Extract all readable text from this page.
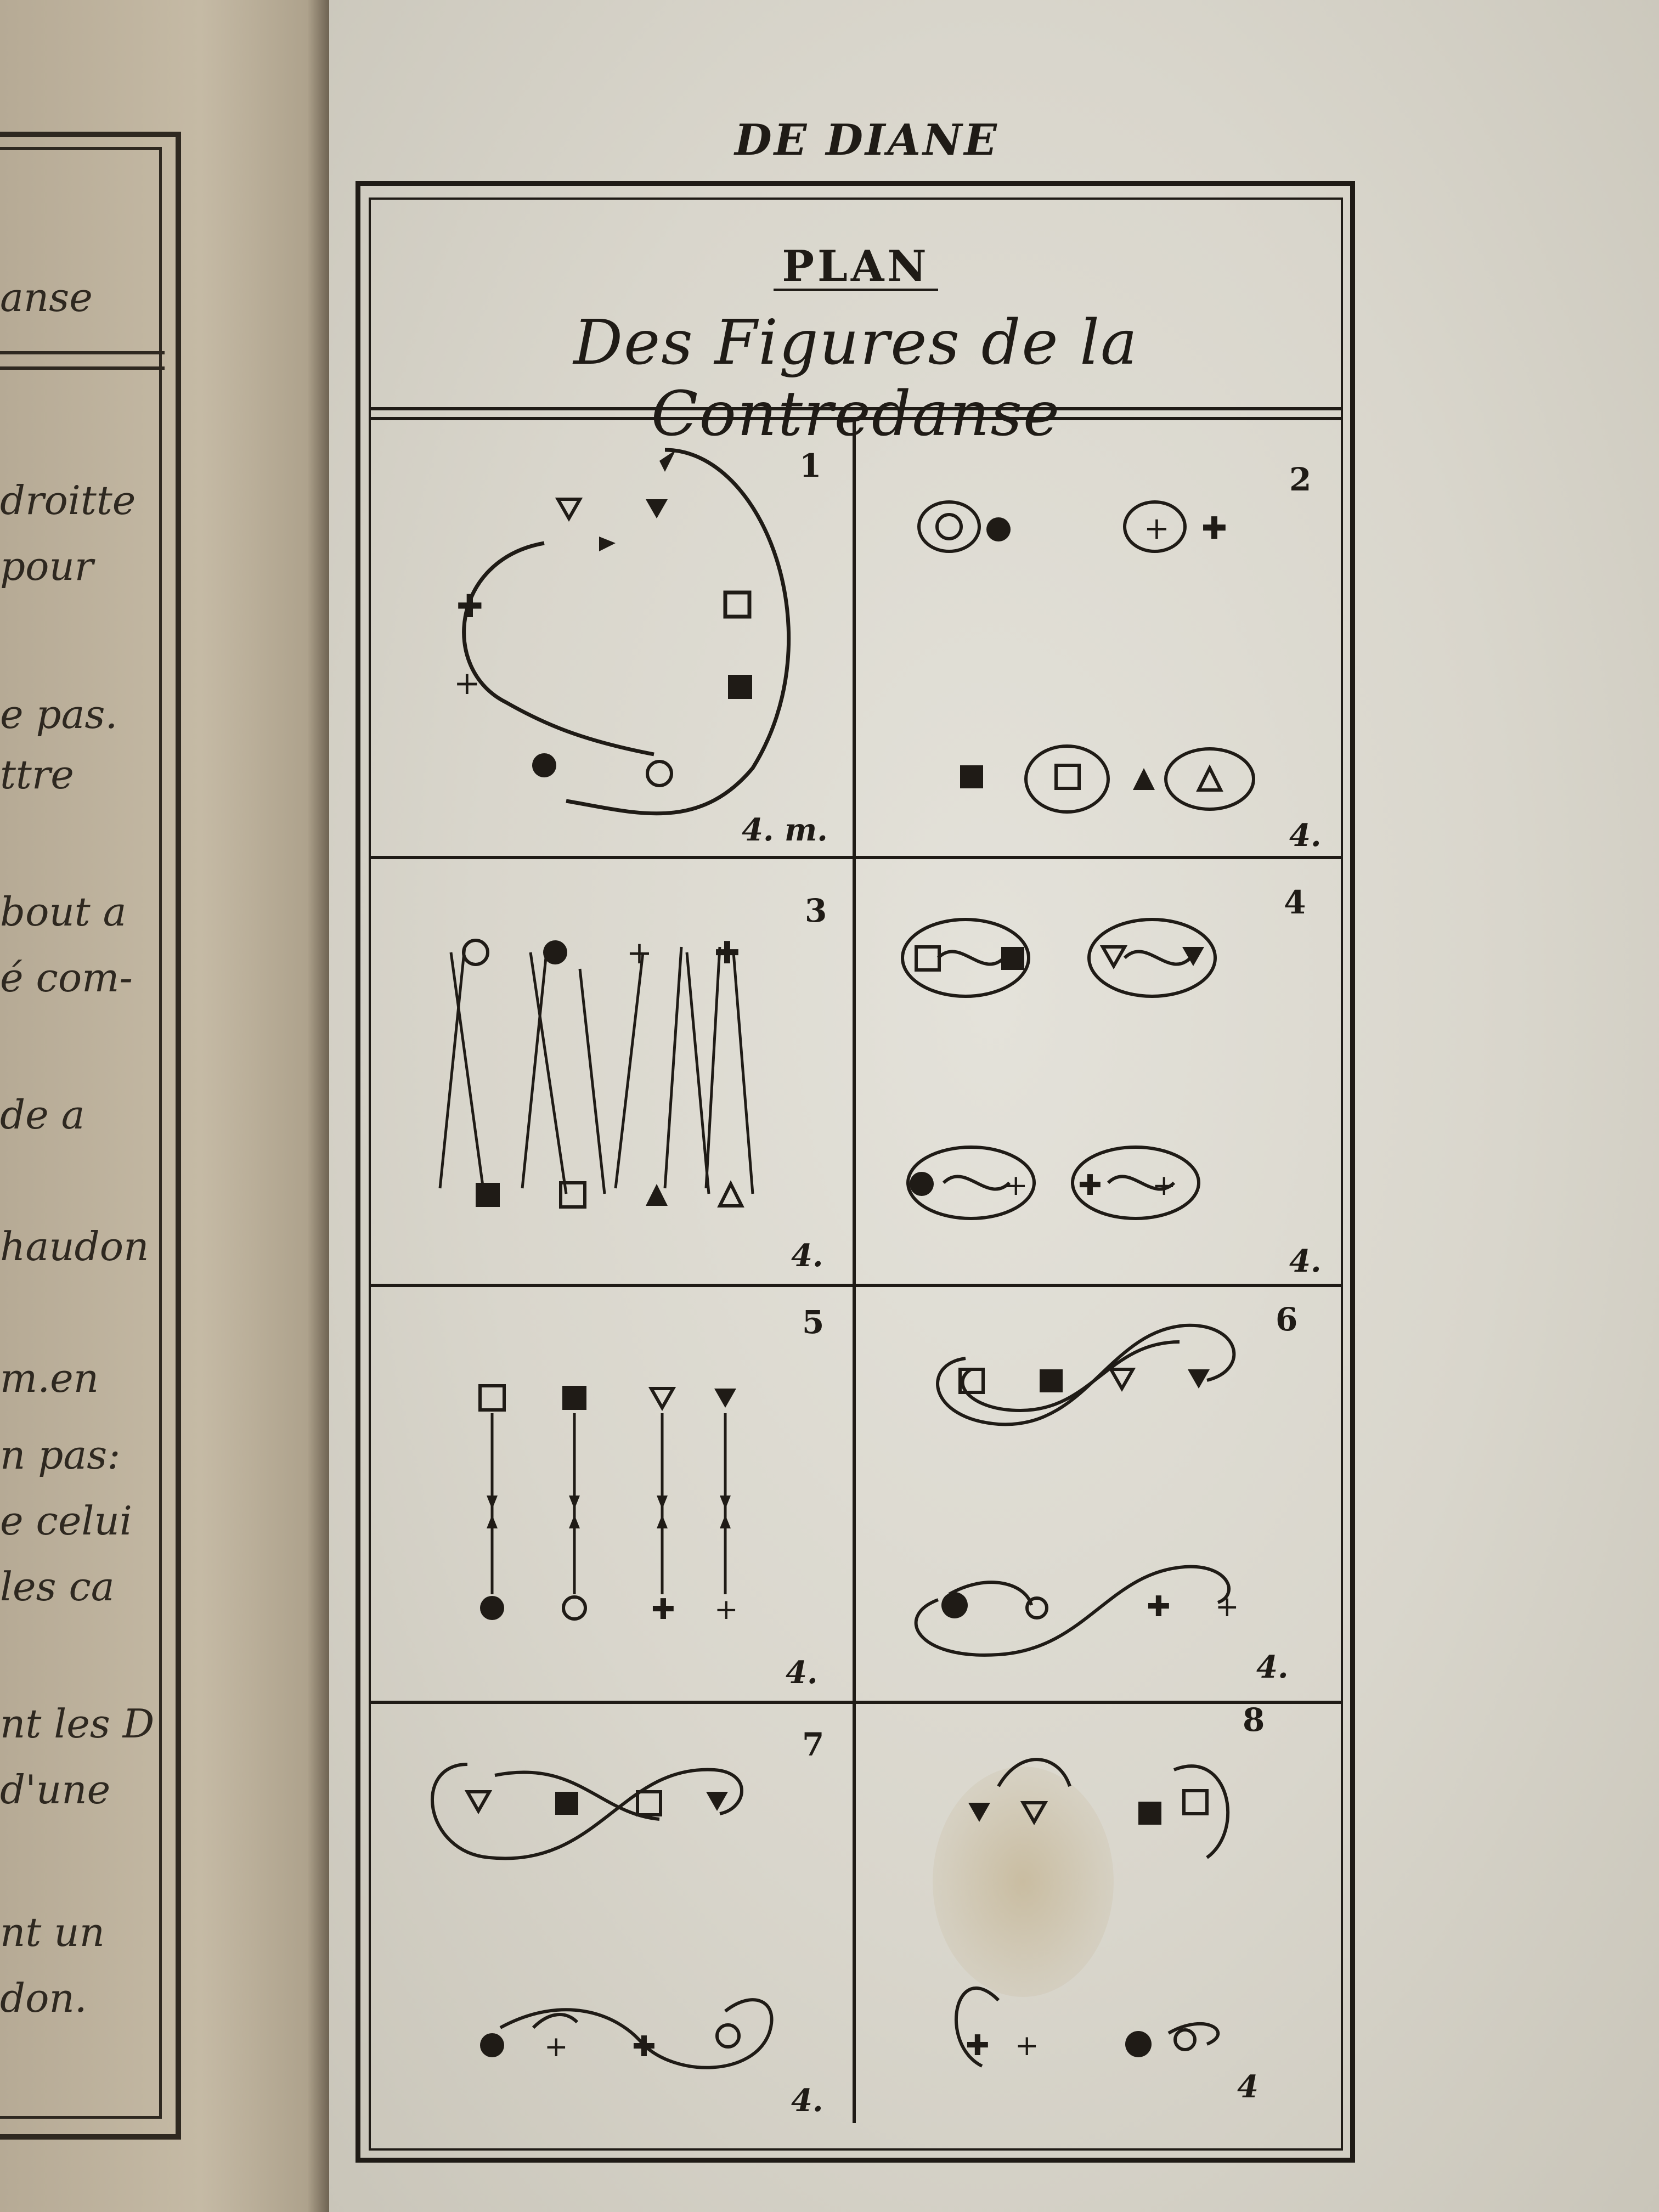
anse
droitte
pour
e pas.
ttre
bout a
é com-
de a
haudon
m.en
n pas:
e celui
les ca
nt les D
d'une
nt un
don.
DE DIANE
PLAN
Des Figures de la Contredanse
✚
+
1
4. m.
+ ✚
2
4.
+ ✚
3
4.
+ ✚ +
4
4.
✚ +
5
4.
✚ +
6
4.
+ ✚
7
4.
✚ +
8
4
